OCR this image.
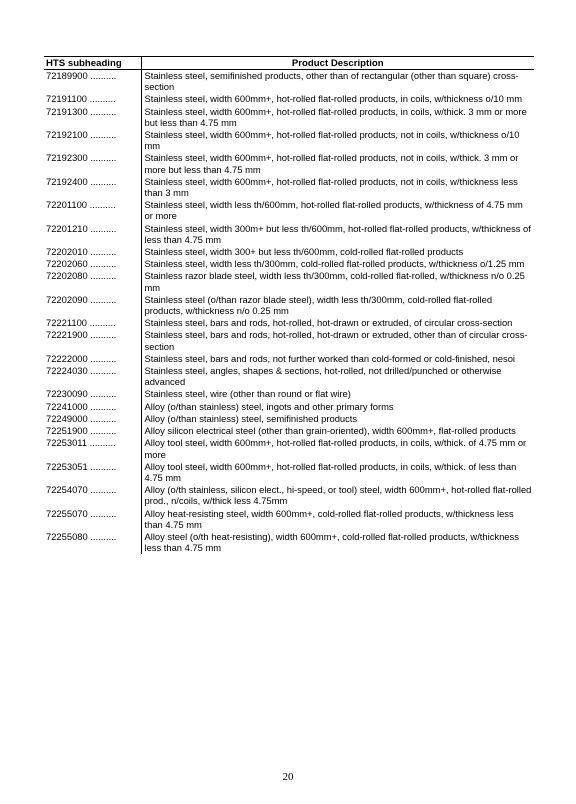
HTS subheading	Product Description
72189900 ..........	Stainless steel, semifinished products, other than of rectangular (other than square) cross-section
72191100 ..........	Stainless steel, width 600mm+, hot-rolled flat-rolled products, in coils, w/thickness o/10 mm
72191300 ..........	Stainless steel, width 600mm+, hot-rolled flat-rolled products, in coils, w/thick. 3 mm or more but less than 4.75 mm
72192100 ..........	Stainless steel, width 600mm+, hot-rolled flat-rolled products, not in coils, w/thickness o/10 mm
72192300 ..........	Stainless steel, width 600mm+, hot-rolled flat-rolled products, not in coils, w/thick. 3 mm or more but less than 4.75 mm
72192400 ..........	Stainless steel, width 600mm+, hot-rolled flat-rolled products, not in coils, w/thickness less than 3 mm
72201100 ..........	Stainless steel, width less th/600mm, hot-rolled flat-rolled products, w/thickness of 4.75 mm or more
72201210 ..........	Stainless steel, width 300m+ but less th/600mm, hot-rolled flat-rolled products, w/thickness of less than 4.75 mm
72202010 ..........	Stainless steel, width 300+ but less th/600mm, cold-rolled flat-rolled products
72202060 ..........	Stainless steel, width less th/300mm, cold-rolled flat-rolled products, w/thickness o/1.25 mm
72202080 ..........	Stainless razor blade steel, width less th/300mm, cold-rolled flat-rolled, w/thickness n/o 0.25 mm
72202090 ..........	Stainless steel (o/than razor blade steel), width less th/300mm, cold-rolled flat-rolled products, w/thickness n/o 0.25 mm
72221100 ..........	Stainless steel, bars and rods, hot-rolled, hot-drawn or extruded, of circular cross-section
72221900 ..........	Stainless steel, bars and rods, hot-rolled, hot-drawn or extruded, other than of circular cross-section
72222000 ..........	Stainless steel, bars and rods, not further worked than cold-formed or cold-finished, nesoi
72224030 ..........	Stainless steel, angles, shapes & sections, hot-rolled, not drilled/punched or otherwise advanced
72230090 ..........	Stainless steel, wire (other than round or flat wire)
72241000 ..........	Alloy (o/than stainless) steel, ingots and other primary forms
72249000 ..........	Alloy (o/than stainless) steel, semifinished products
72251900 ..........	Alloy silicon electrical steel (other than grain-oriented), width 600mm+, flat-rolled products
72253011 ..........	Alloy tool steel, width 600mm+, hot-rolled flat-rolled products, in coils, w/thick. of 4.75 mm or more
72253051 ..........	Alloy tool steel, width 600mm+, hot-rolled flat-rolled products, in coils, w/thick. of less than 4.75 mm
72254070 ..........	Alloy (o/th stainless, silicon elect., hi-speed, or tool) steel, width 600mm+, hot-rolled flat-rolled prod., n/coils, w/thick less 4.75mm
72255070 ..........	Alloy heat-resisting steel, width 600mm+, cold-rolled flat-rolled products, w/thickness less than 4.75 mm
72255080 ..........	Alloy steel (o/th heat-resisting), width 600mm+, cold-rolled flat-rolled products, w/thickness less than 4.75 mm
20
